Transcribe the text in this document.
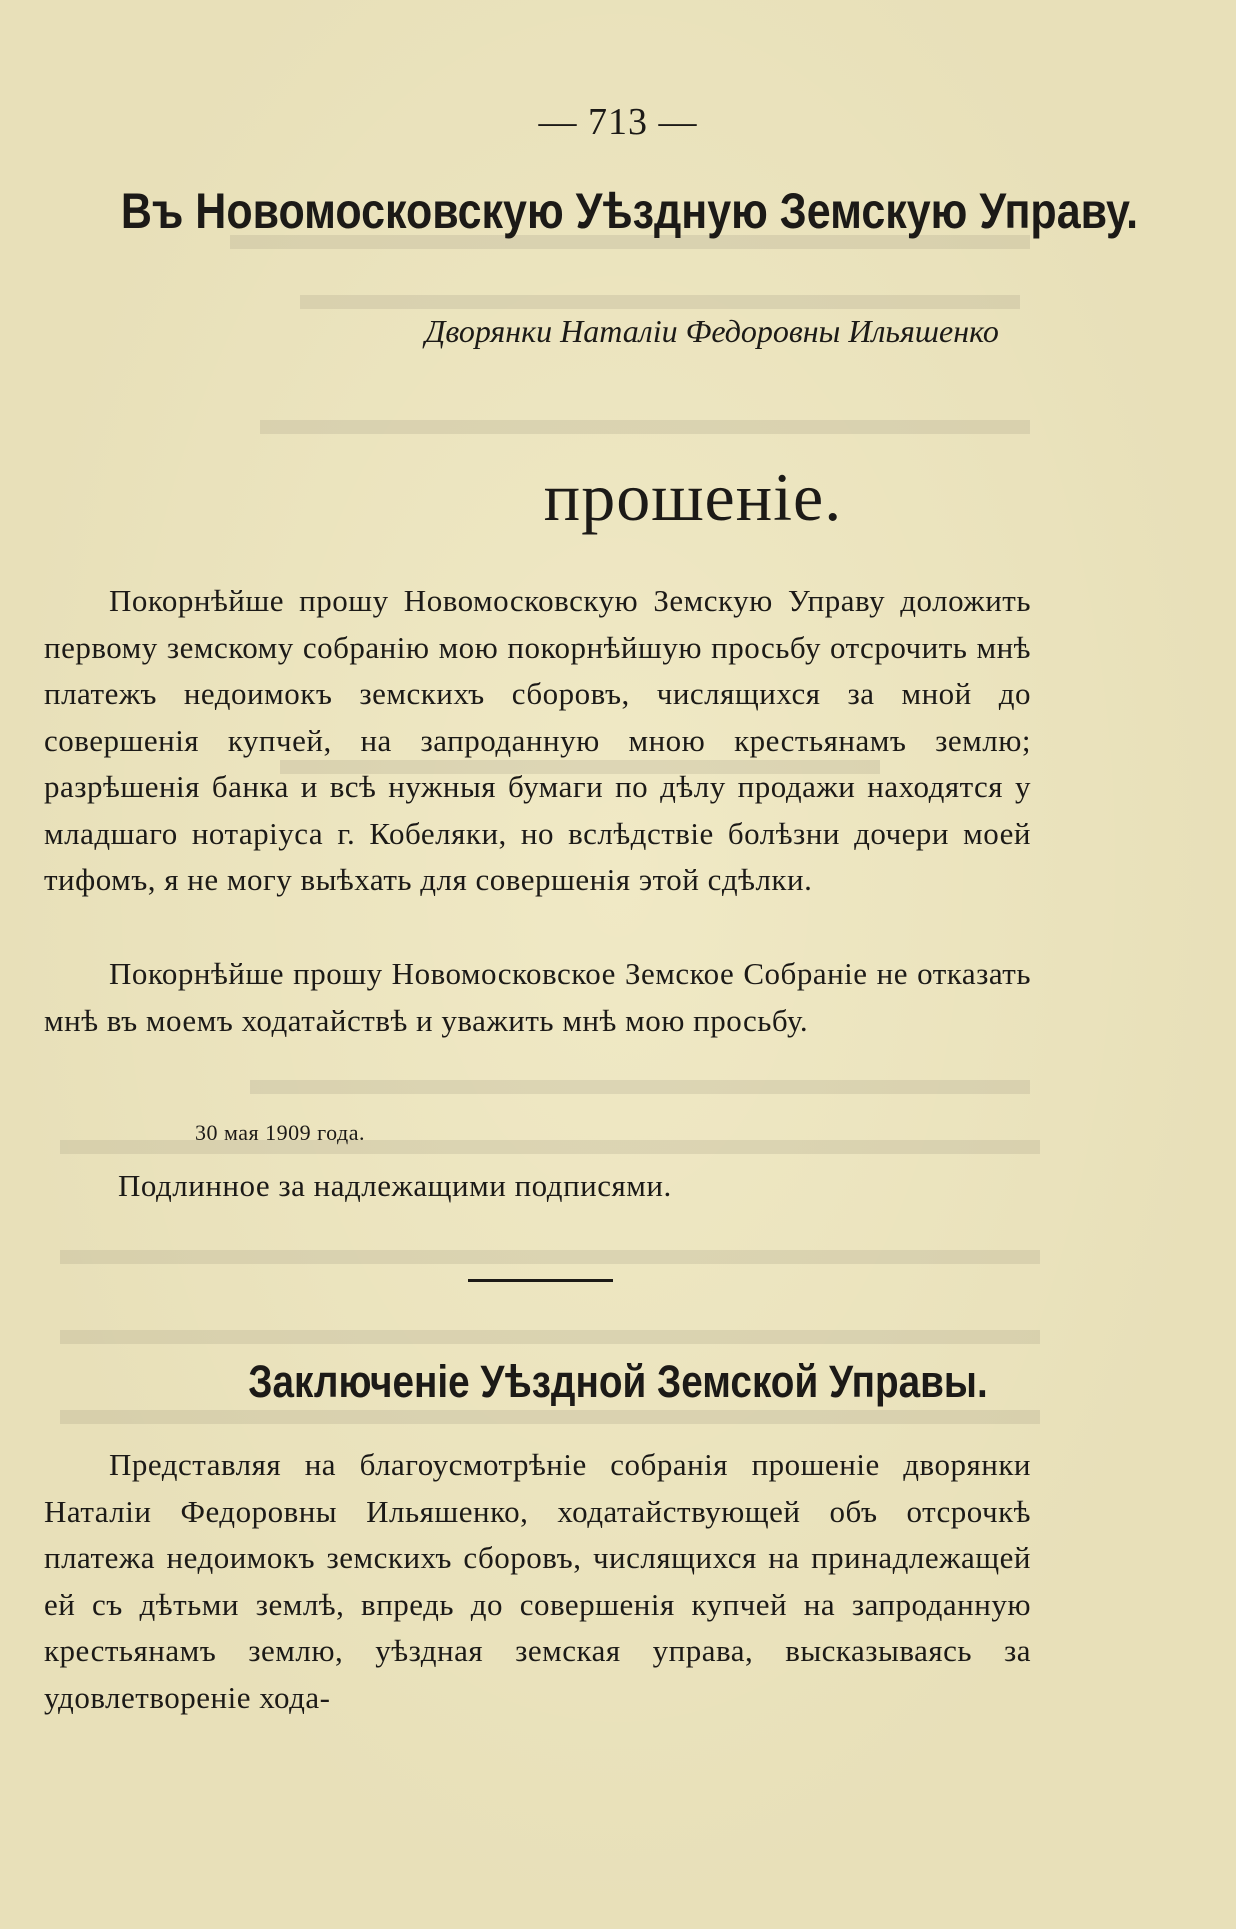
— 713 —
Въ Новомосковскую Уѣздную Земскую Управу.
Дворянки Наталіи Федоровны Ильяшенко
прошеніе.
Покорнѣйше прошу Новомосковскую Земскую Управу доложить первому земскому собранію мою покорнѣйшую просьбу отсрочить мнѣ платежъ недоимокъ земскихъ сборовъ, числящихся за мной до совершенія купчей, на запроданную мною крестьянамъ землю; разрѣшенія банка и всѣ нужныя бумаги по дѣлу продажи находятся у младшаго нотаріуса г. Кобеляки, но вслѣдствіе болѣзни дочери моей тифомъ, я не могу выѣхать для совершенія этой сдѣлки.
Покорнѣйше прошу Новомосковское Земское Собраніе не отказать мнѣ въ моемъ ходатайствѣ и уважить мнѣ мою просьбу.
30 мая 1909 года.
Подлинное за надлежащими подписями.
Заключеніе Уѣздной Земской Управы.
Представляя на благоусмотрѣніе собранія прошеніе дворянки Наталіи Федоровны Ильяшенко, ходатайствующей объ отсрочкѣ платежа недоимокъ земскихъ сборовъ, числящихся на принадлежащей ей съ дѣтьми землѣ, впредь до совершенія купчей на запроданную крестьянамъ землю, уѣздная земская управа, высказываясь за удовлетвореніе хода-
